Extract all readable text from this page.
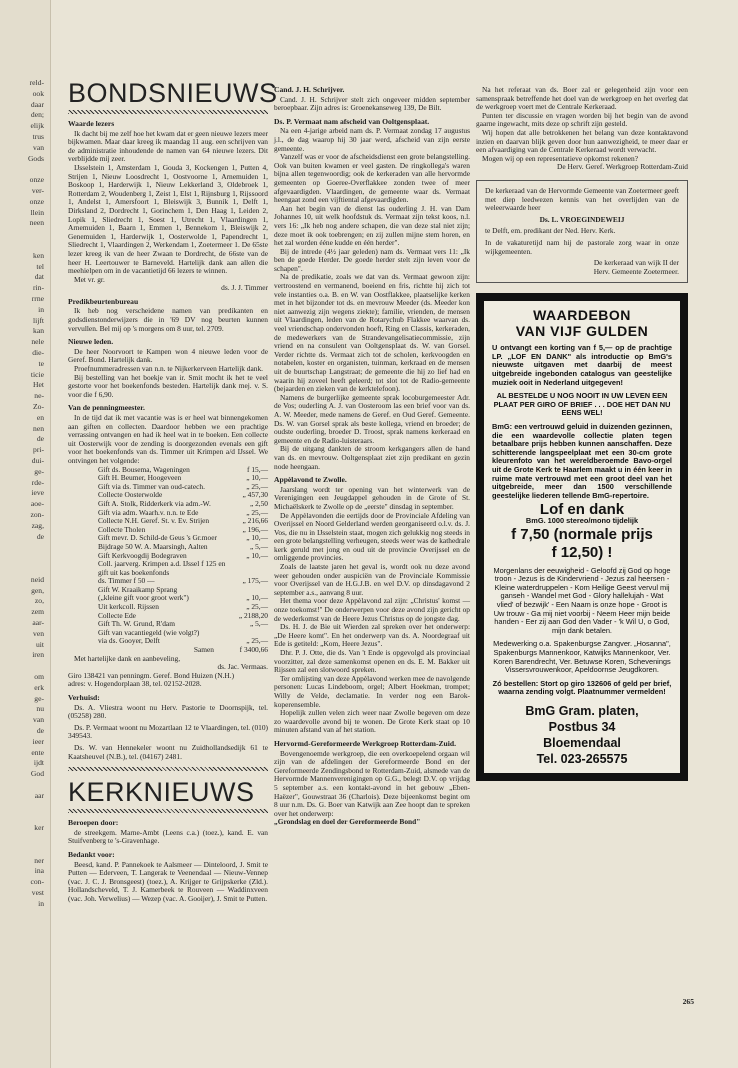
reld-
ook
daar
den;
elijk
trus
van
Gods
onze
ver-
onze
llein
neen
ken
tel
dat
rin-
rrne
in
lijft
kan
nele
die-
te
ticie
Het
ne-
Zo-
en
nen
de
pri-
dui-
ge-
rde-
ieve
aoe-
zon-
zag,
de
neid
gen,
zo,
zem
aar-
ven
uit
iren
om
erk
ge-
nu
van
de
ieer
ente
ijdt
God
aar
ker
ner
ina
con-
vest
in
BONDSNIEUWS
Waarde lezers

Ik dacht bij me zelf hoe het kwam dat er geen nieuwe lezers meer bijkwamen. Maar daar kreeg ik maandag 11 aug. een schrijven van de administratie inhoudende de namen van 64 nieuwe lezers. Dit verblijdde mij zeer.

IJsselstein 1, Amsterdam 1, Gouda 3, Kockengen 1, Putten 4, Strijen 1, Nieuw Loosdrecht 1, Oostvoorne 1, Arnemuiden 1, Boskoop 1, Harderwijk 1, Nieuw Lekkerland 3, Oldebroek 1, Rotterdam 2, Woudenberg 1, Zeist 1, Elst 1, Rijnsburg 1, Rijssoord 1, Andelst 1, Amersfoort 1, Bleiswijk 3, Bunnik 1, Delft 1, Dirksland 2, Dordrecht 1, Gorinchem 1, Den Haag 1, Leiden 2, Lopik 1, Sliedrecht 1, Soest 1, Utrecht 1, Vlaardingen 1, Arnemuiden 1, Baarn 1, Emmen 1, Bennekom 1, Bleiswijk 2, Genemuiden 1, Harderwijk 1, Oosterwolde 1, Papendrecht 1, Sliedrecht 1, Vlaardingen 2, Werkendam 1, Zoetermeer 1. De 65ste lezer kreeg ik van de heer Zwaan te Dordrecht, de 66ste van de heer H. Leertouwer te Barneveld. Hartelijk dank aan allen die meehielpen om in de vacantietijd 66 lezers te winnen.

Met vr. gr.

ds. J. J. Timmer

Predikbeurtenbureau

Ik heb nog verscheidene namen van predikanten en godsdienstonderwijzers die in '69 DV nog beurten kunnen vervullen. Bel mij op 's morgens om 8 uur, tel. 2709.

Nieuwe leden.

De heer Noorvoort te Kampen won 4 nieuwe leden voor de Geref. Bond. Hartelijk dank.

Proefnummeradressen van n.n. te Nijkerkerveen Hartelijk dank.

Bij bestelling van het boekje van ir. Smit mocht ik het te veel gestorte voor het boekenfonds besteden. Hartelijk dank mej. v. S. voor die f 6,90.

Van de penningmeester.

In de tijd dat ik met vacantie was is er heel wat binnengekomen aan giften en collecten. Daardoor hebben we een prachtige verrassing ontvangen en had ik heel wat in te boeken. Een collecte uit Oosterwijk voor de zending is doorgezonden evenals een gift voor het boekenfonds van ds. Timmer uit Krimpen a/d IJssel. We ontvingen het volgende:

Gift ds. Bousema, Wageningen	f 15,—
Gift H. Beumer, Hoogeveen	„ 10,—
Gift via ds. Timmer van oud-catech.	„ 25,—
Collecte Oosterwolde	„ 457,30
Gift A. Stolk, Ridderkerk via adm.-W.	„ 2,50
Gift via adm. Waarh.v. n.n. te Ede	„ 25,—
Collecte N.H. Geref. St. v. Ev. Strijen	„ 216,66
Collecte Tholen	„ 196,—
Gift mevr. D. Schild-de Geus 's Gr.moer	„ 10,—
Bijdrage 50 W. A. Maarsingh, Aalten	„ 5,—
Gift Kerkvoogdij Bodegraven	„ 10,—
Coll. jaarverg. Krimpen a.d. IJssel f 125 en gift uit kas boekenfonds
ds. Timmer f 50 —	„ 175,—
Gift W. Kraaikamp Sprang
(„kleine gift voor groot werk")	„ 10,—
Uit kerkcoll. Rijssen	„ 25,—
Collecte Ede	„ 2188,20
Gift Th. W. Grund, R'dam	„ 5,—
Gift van vacantiegeld (wie volgt?)
via ds. Gooyer, Delft	„ 25,—
Samen	f 3400,66

Met hartelijke dank en aanbeveling,

ds. Jac. Vermaas.

Giro 138421 van penningm. Geref. Bond Huizen (N.H.)

adres: v. Hogendorplaan 38, tel. 02152-2028.

Verhuisd:

Ds. A. Vliestra woont nu Herv. Pastorie te Doornspijk, tel. (05258) 280.

Ds. P. Vermaat woont nu Mozartlaan 12 te Vlaardingen, tel. (010) 349543.

Ds. W. van Hennekeler woont nu Zuidhollandsedijk 61 te Kaatsheuvel (N.B.), tel. (04167) 2481.

KERKNIEUWS
Beroepen door:

de streekgem. Marne-Ambt (Leens c.a.) (toez.), kand. E. van Stuifvenberg te 's-Gravenhage.

Bedankt voor:

Beesd, kand. P. Pannekoek te Aalsmeer — Dinteloord, J. Smit te Putten — Ederveen, T. Langerak te Veenendaal — Nieuw-Vennep (vac. J. C. J. Bronsgeest) (toez.), A. Krijger te Grijpskerke (Zld.). Hollandscheveld, T. J. Kamerbeek te Rouveen — Waddinxveen (vac. Joh. Verwelius) — Wezep (vac. A. Gooijer), J. Smit te Putten.

Cand. J. H. Schrijver.

Cand. J. H. Schrijver stelt zich ongeveer midden september beroepbaar. Zijn adres is: Groenekanseweg 139, De Bilt.

Ds. P. Vermaat nam afscheid van Ooltgensplaat.

Na een 4-jarige arbeid nam ds. P. Vermaat zondag 17 augustus j.l., de dag waarop hij 30 jaar werd, afscheid van zijn eerste gemeente.

Vanzelf was er voor de afscheidsdienst een grote belangstelling. Ook van buiten kwamen er veel gasten. De ringkollega's waren bijna allen tegenwoordig; ook de kerkeraden van alle hervormde gemeenten op Goeree-Overflakkee zonden twee of meer afgevaardigden. Vlaardingen, de gemeente waar ds. Vermaat heengaat zond een vijftiental afgevaardigden.

Aan het begin van de dienst las ouderling J. H. van Dam Johannes 10, uit welk hoofdstuk ds. Vermaat zijn tekst koos, n.l. vers 16: „Ik heb nog andere schapen, die van deze stal niet zijn; deze moet ik ook toebrengen; en zij zullen mijne stem horen, en het zal worden ééne kudde en één herder".

Bij de intrede (4½ jaar geleden) nam ds. Vermaat vers 11: „Ik ben de goede Herder. De goede herder stelt zijn leven voor de schapen".

Na de predikatie, zoals we dat van ds. Vermaat gewoon zijn: vertroostend en vermanend, boeiend en fris, richtte hij zich tot vele instanties o.a. B. en W. van Oostflakkee, plaatselijke kerken met in het bijzonder tot ds. en mevrouw Meeder (ds. Meeder kon niet aanwezig zijn wegens ziekte); familie, vrienden, de mensen uit Vlaardingen, leden van de Rotarychub Flakkee waarvan ds. veel vriendschap ondervonden hoeft, Ring en Classis, kerkeraden, de medewerkers van de Strandevangelisatiecommissie, zijn vriend en na consulent van Ooltgensplaat ds. W. van Gorsel. Verder richtte ds. Vermaat zich tot de scholen, kerkvoogden en notabelen, koster en organisten, tuinman, kerkraad en de mensen uit de buurtschap Langstraat; de gemeente die hij zo lief had en waarin hij zoveel heeft geleerd; tot slot tot de Radio-gemeente (bejaarden en zieken van de kerktelefoon).

Namens de burgerlijke gemeente sprak locoburgemeester Adr. de Vos; ouderling A. J. van Oosteroom las een brief voor van ds. A. W. Meeder, mede namens de Geref. en Oud Geref. Gemeente. Ds. W. van Gorsel sprak als beste kollega, vriend en broeder; de oudste ouderling, broeder D. Troost, sprak namens kerkeraad en gemeente en de Radio-luisteraars.

Bij de uitgang dankten de stroom kerkgangers allen de hand van ds. en mevrouw. Ooltgensplaat ziet zijn predikant en gezin node heengaan.

Appèlavond te Zwolle.

Jaarslang wordt ter opening van het winterwerk van de Verenigingen een Jeugdappel gehouden in de Grote of St. Michaëlskerk te Zwolle op de „eerste" dinsdag in september.

De Appèlavonden die eertijds door de Provinciale Afdeling van Overijssel en Noord Gelderland werden georganiseerd o.l.v. ds. J. Vos, die nu in IJsselstein staat, mogen zich gelukkig nog steeds in een grote belangstelling verheugen, steeds weer was de kathedrale kerk geruld met jong en oud uit de provincie Overijssel en de omliggende provincies.

Zoals de laatste jaren het geval is, wordt ook nu deze avond weer gehouden onder auspiciën van de Provinciale Kommissie voor Overijssel van de H.G.J.B. en wel D.V. op dinsdagavond 2 september a.s., aanvang 8 uur.

Het thema voor deze Appèlavond zal zijn: „Christus' komst — onze toekomst!" De onderwerpen voor deze avond zijn gericht op de wederkomst van de Heere Jezus Christus op de jongste dag.

Ds. H. J. de Bie uit Wierden zal spreken over het onderwerp: „De Heere komt". En het onderwerp van ds. A. Noordegraaf uit Ede is getiteld: „Kom, Heere Jezus".

Dhr. P. J. Otte, die ds. Van 't Ende is opgevolgd als provinciaal voorzitter, zal deze samenkomst openen en ds. E. M. Bakker uit Rijssen zal een slotwoord spreken.

Ter omlijsting van deze Appèlavond werken mee de navolgende personen: Lucas Lindeboom, orgel; Albert Hoekman, trompet; Willy de Velde, declamatie. In verder nog een Barok-koperensemble.

Hopelijk zullen velen zich weer naar Zwolle begeven om deze zo waardevolle avond bij te wonen. De Grote Kerk staat op 10 minuten afstand van af het station.

Hervormd-Gereformeerde Werkgroep Rotterdam-Zuid.

Bovengenoemde werkgroep, die een overkoepelend orgaan wil zijn van de afdelingen der Gereformeerde Bond en der Gereformeerde Zendingsbond te Rotterdam-Zuid, alsmede van de Hervormde Mannenverenigingen op G.G., belegt D.V. op vrijdag 5 september a.s. een kontakt-avond in het gebouw „Eben-Haëzer", Gouwstraat 36 (Charlois). Deze bijeenkomst begint om 8 uur n.m. Ds. G. Boer van Katwijk aan Zee hoopt dan te spreken over het onderwerp:

„Grondslag en doel der Gereformeerde Bond"

Na het referaat van ds. Boer zal er gelegenheid zijn voor een samenspraak betreffende het doel van de werkgroep en het overleg dat de werkgroep voert met de Centrale Kerkeraad.

Punten ter discussie en vragen worden bij het begin van de avond gaarne ingewacht, mits deze op schrift zijn gesteld.

Wij hopen dat alle betrokkenen het belang van deze kontaktavond inzien en daarvan blijk geven door hun aanwezigheid, te meer daar er een afvaardiging van de Centrale Kerkeraad wordt verwacht.

Mogen wij op een representatieve opkomst rekenen?

De Herv. Geref. Werkgroep Rotterdam-Zuid

De kerkeraad van de Hervormde Gemeente van Zoetermeer geeft met diep leedwezen kennis van het overlijden van de weleerwaarde heer

Ds. L. VROEGINDEWEIJ

te Delft, em. predikant der Ned. Herv. Kerk.

In de vakaturetijd nam hij de pastorale zorg waar in onze wijkgemeenten.

De kerkeraad van wijk II der

Herv. Gemeente Zoetermeer.

WAARDEBON
VAN VIJF GULDEN

U ontvangt een korting van f 5,— op de prachtige LP. „LOF EN DANK" als introductie op BmG's nieuwste uitgaven met daarbij de meest uitgebreide ingebonden catalogus van geestelijke muziek ooit in Nederland uitgegeven!

AL BESTELDE U NOG NOOIT IN UW LEVEN EEN PLAAT PER GIRO OF BRIEF . . . DOE HET DAN NU EENS WEL!

BmG: een vertrouwd geluid in duizenden gezinnen, die een waardevolle collectie platen tegen betaalbare prijs hebben kunnen aanschaffen. Deze schitterende langspeelplaat met een 30-cm grote kleurenfoto van het wereldberoemde Bavo-orgel uit de Grote Kerk te Haarlem maakt u in één keer in ruime mate vertrouwd met een groot deel van het uitgebreide, meer dan 1500 verschillende geestelijke liederen tellende BmG-repertoire.

Lof en dank

BmG. 1000 stereo/mono tijdelijk

f 7,50 (normale prijs
f 12,50) !

Morgenlans der eeuwigheid - Geloofd zij God op hoge troon - Jezus is de Kindervriend - Jezus zal heersen - Kleine waterdruppelen - Kom Heilige Geest vervul mij ganseh - Wandel met God - Glory hallelujah - Wat vlied' of bezwijk' - Een Naam is onze hope - Groot is Uw trouw - Ga mij niet voorbij - Neem Heer mijn beide handen - Eer zij aan God den Vader - 'k Wil U, o God, mijn dank betalen.

Medewerking o.a. Spakenburgse Zangver. „Hosanna", Spakenburgs Mannenkoor, Katwijks Mannenkoor, Ver. Koren Barendrecht, Ver. Betuwse Koren, Schevenings Vissersvrouwenkoor, Apeldoornse Jeugdkoren.

Zó bestellen: Stort op giro 132606 of geld per brief, waarna zending volgt. Plaatnummer vermelden!

BmG Gram. platen,
Postbus 34
Bloemendaal
Tel. 023-265575
265
